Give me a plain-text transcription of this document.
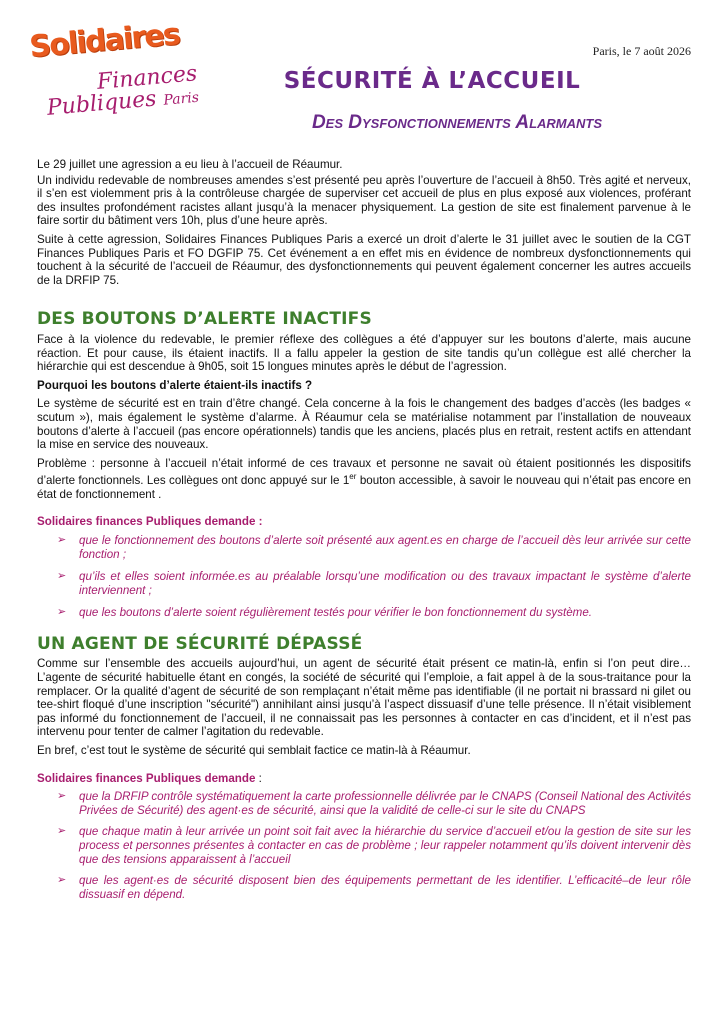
Solidaires
Finances
Publiques Paris
Paris, le 7 août 2026
SÉCURITÉ À L’ACCUEIL
Des Dysfonctionnements Alarmants

Le 29 juillet une agression a eu lieu à l’accueil de Réaumur.

Un individu redevable de nombreuses amendes s’est présenté peu après l’ouverture de l’accueil à 8h50. Très agité et nerveux, il s’en est violemment pris à la contrôleuse chargée de superviser cet accueil de plus en plus exposé aux violences, proférant des insultes profondément racistes allant jusqu’à la menacer physiquement. La gestion de site est finalement parvenue à le faire sortir du bâtiment vers 10h, plus d’une heure après.

Suite à cette agression, Solidaires Finances Publiques Paris a exercé un droit d’alerte le 31 juillet avec le soutien de la CGT Finances Publiques Paris et FO DGFIP 75. Cet événement a en effet mis en évidence de nombreux dysfonctionnements qui touchent à la sécurité de l’accueil de Réaumur, des dysfonctionnements qui peuvent également concerner les autres accueils de la DRFIP 75.

DES BOUTONS D’ALERTE INACTIFS

Face à la violence du redevable, le premier réflexe des collègues a été d’appuyer sur les boutons d’alerte, mais aucune réaction. Et pour cause, ils étaient inactifs. Il a fallu appeler la gestion de site tandis qu’un collègue est allé chercher la hiérarchie qui est descendue à 9h05, soit 15 longues minutes après le début de l’agression.

Pourquoi les boutons d’alerte étaient-ils inactifs ?

Le système de sécurité est en train d’être changé. Cela concerne à la fois le changement des badges d’accès (les badges « scutum »), mais également le système d’alarme. À Réaumur cela se matérialise notamment par l’installation de nouveaux boutons d’alerte à l’accueil (pas encore opérationnels) tandis que les anciens, placés plus en retrait, restent actifs en attendant la mise en service des nouveaux.

Problème : personne à l’accueil n’était informé de ces travaux et personne ne savait où étaient positionnés les dispositifs d’alerte fonctionnels. Les collègues ont donc appuyé sur le 1er bouton accessible, à savoir le nouveau qui n’était pas encore en état de fonctionnement .

Solidaires finances Publiques demande :
➢ que le fonctionnement des boutons d’alerte soit présenté aux agent.es en charge de l’accueil dès leur arrivée sur cette fonction ;
➢ qu’ils et elles soient informée.es au préalable lorsqu’une modification ou des travaux impactant le système d’alerte interviennent ;
➢ que les boutons d’alerte soient régulièrement testés pour vérifier le bon fonctionnement du système.
UN AGENT DE SÉCURITÉ DÉPASSÉ

Comme sur l’ensemble des accueils aujourd’hui, un agent de sécurité était présent ce matin-là, enfin si l’on peut dire… L’agente de sécurité habituelle étant en congés, la société de sécurité qui l’emploie, a fait appel à de la sous-traitance pour la remplacer. Or la qualité d’agent de sécurité de son remplaçant n’était même pas identifiable (il ne portait ni brassard ni gilet ou tee-shirt floqué d’une inscription "sécurité") annihilant ainsi jusqu’à l’aspect dissuasif d’une telle présence. Il n’était visiblement pas informé du fonctionnement de l’accueil, il ne connaissait pas les personnes à contacter en cas d’incident, et il n’est pas intervenu pour tenter de calmer l’agitation du redevable.

En bref, c’est tout le système de sécurité qui semblait factice ce matin-là à Réaumur.

Solidaires finances Publiques demande :
➢ que la DRFIP contrôle systématiquement la carte professionnelle délivrée par le CNAPS (Conseil National des Activités Privées de Sécurité) des agent·es de sécurité, ainsi que la validité de celle-ci sur le site du CNAPS
➢ que chaque matin à leur arrivée un point soit fait avec la hiérarchie du service d’accueil et/ou la gestion de site sur les process et personnes présentes à contacter en cas de problème ; leur rappeler notamment qu’ils doivent intervenir dès que des tensions apparaissent à l’accueil
➢ que les agent·es de sécurité disposent bien des équipements permettant de les identifier. L’efficacité–de leur rôle dissuasif en dépend.
